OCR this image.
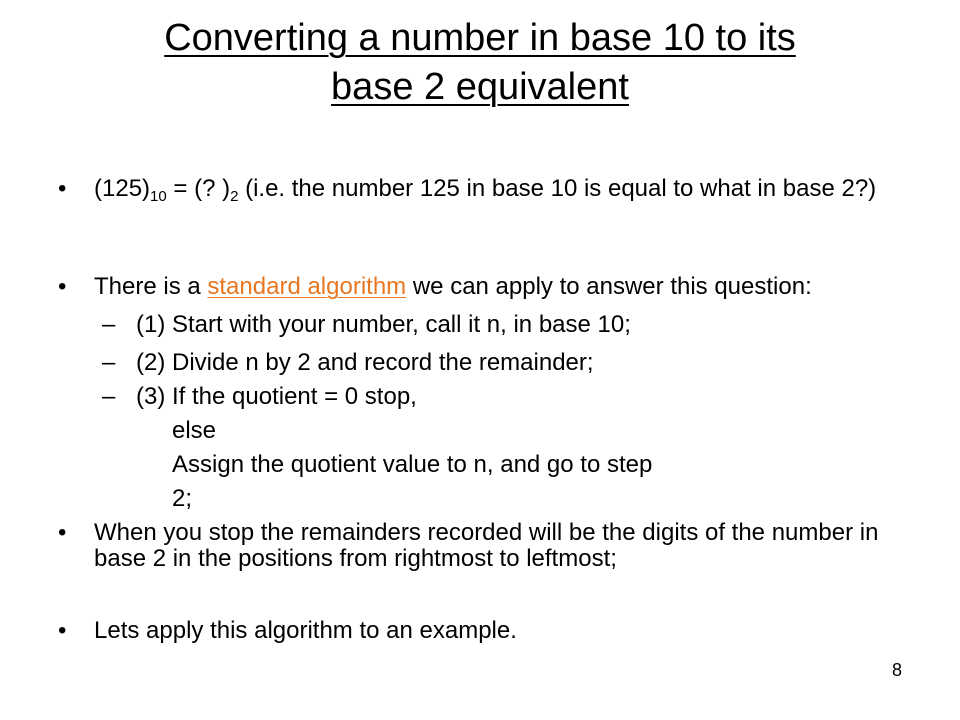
Converting a number in base 10 to its
base 2 equivalent
• $(125)_{10}$ = (? )$_2$ (i.e. the number 125 in base 10 is equal to what in base 2?)
• There is a standard algorithm we can apply to answer this question:
– (1) Start with your number, call it n, in base 10;
– (2) Divide n by 2 and record the remainder;
– (3) If the quotient = 0 stop,
else
Assign the quotient value to n, and go to step
2;
• When you stop the remainders recorded will be the digits of the number in base 2 in the positions from rightmost to leftmost;
• Lets apply this algorithm to an example.
8
